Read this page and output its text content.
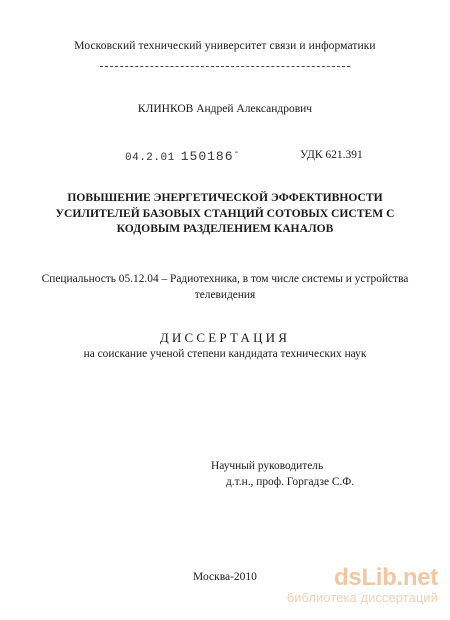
Московский технический университет связи и информатики
КЛИНКОВ Андрей Александрович
04.2.01 150186-	УДК 621.391
ПОВЫШЕНИЕ ЭНЕРГЕТИЧЕСКОЙ ЭФФЕКТИВНОСТИ
УСИЛИТЕЛЕЙ БАЗОВЫХ СТАНЦИЙ СОТОВЫХ СИСТЕМ С
КОДОВЫМ РАЗДЕЛЕНИЕМ КАНАЛОВ
Специальность 05.12.04 – Радиотехника, в том числе системы и устройства
телевидения
ДИССЕРТАЦИЯ
на соискание ученой степени кандидата технических наук
Научный руководитель
д.т.н., проф. Горгадзе С.Ф.
Москва-2010	dsLib.net
библиотека диссертаций
